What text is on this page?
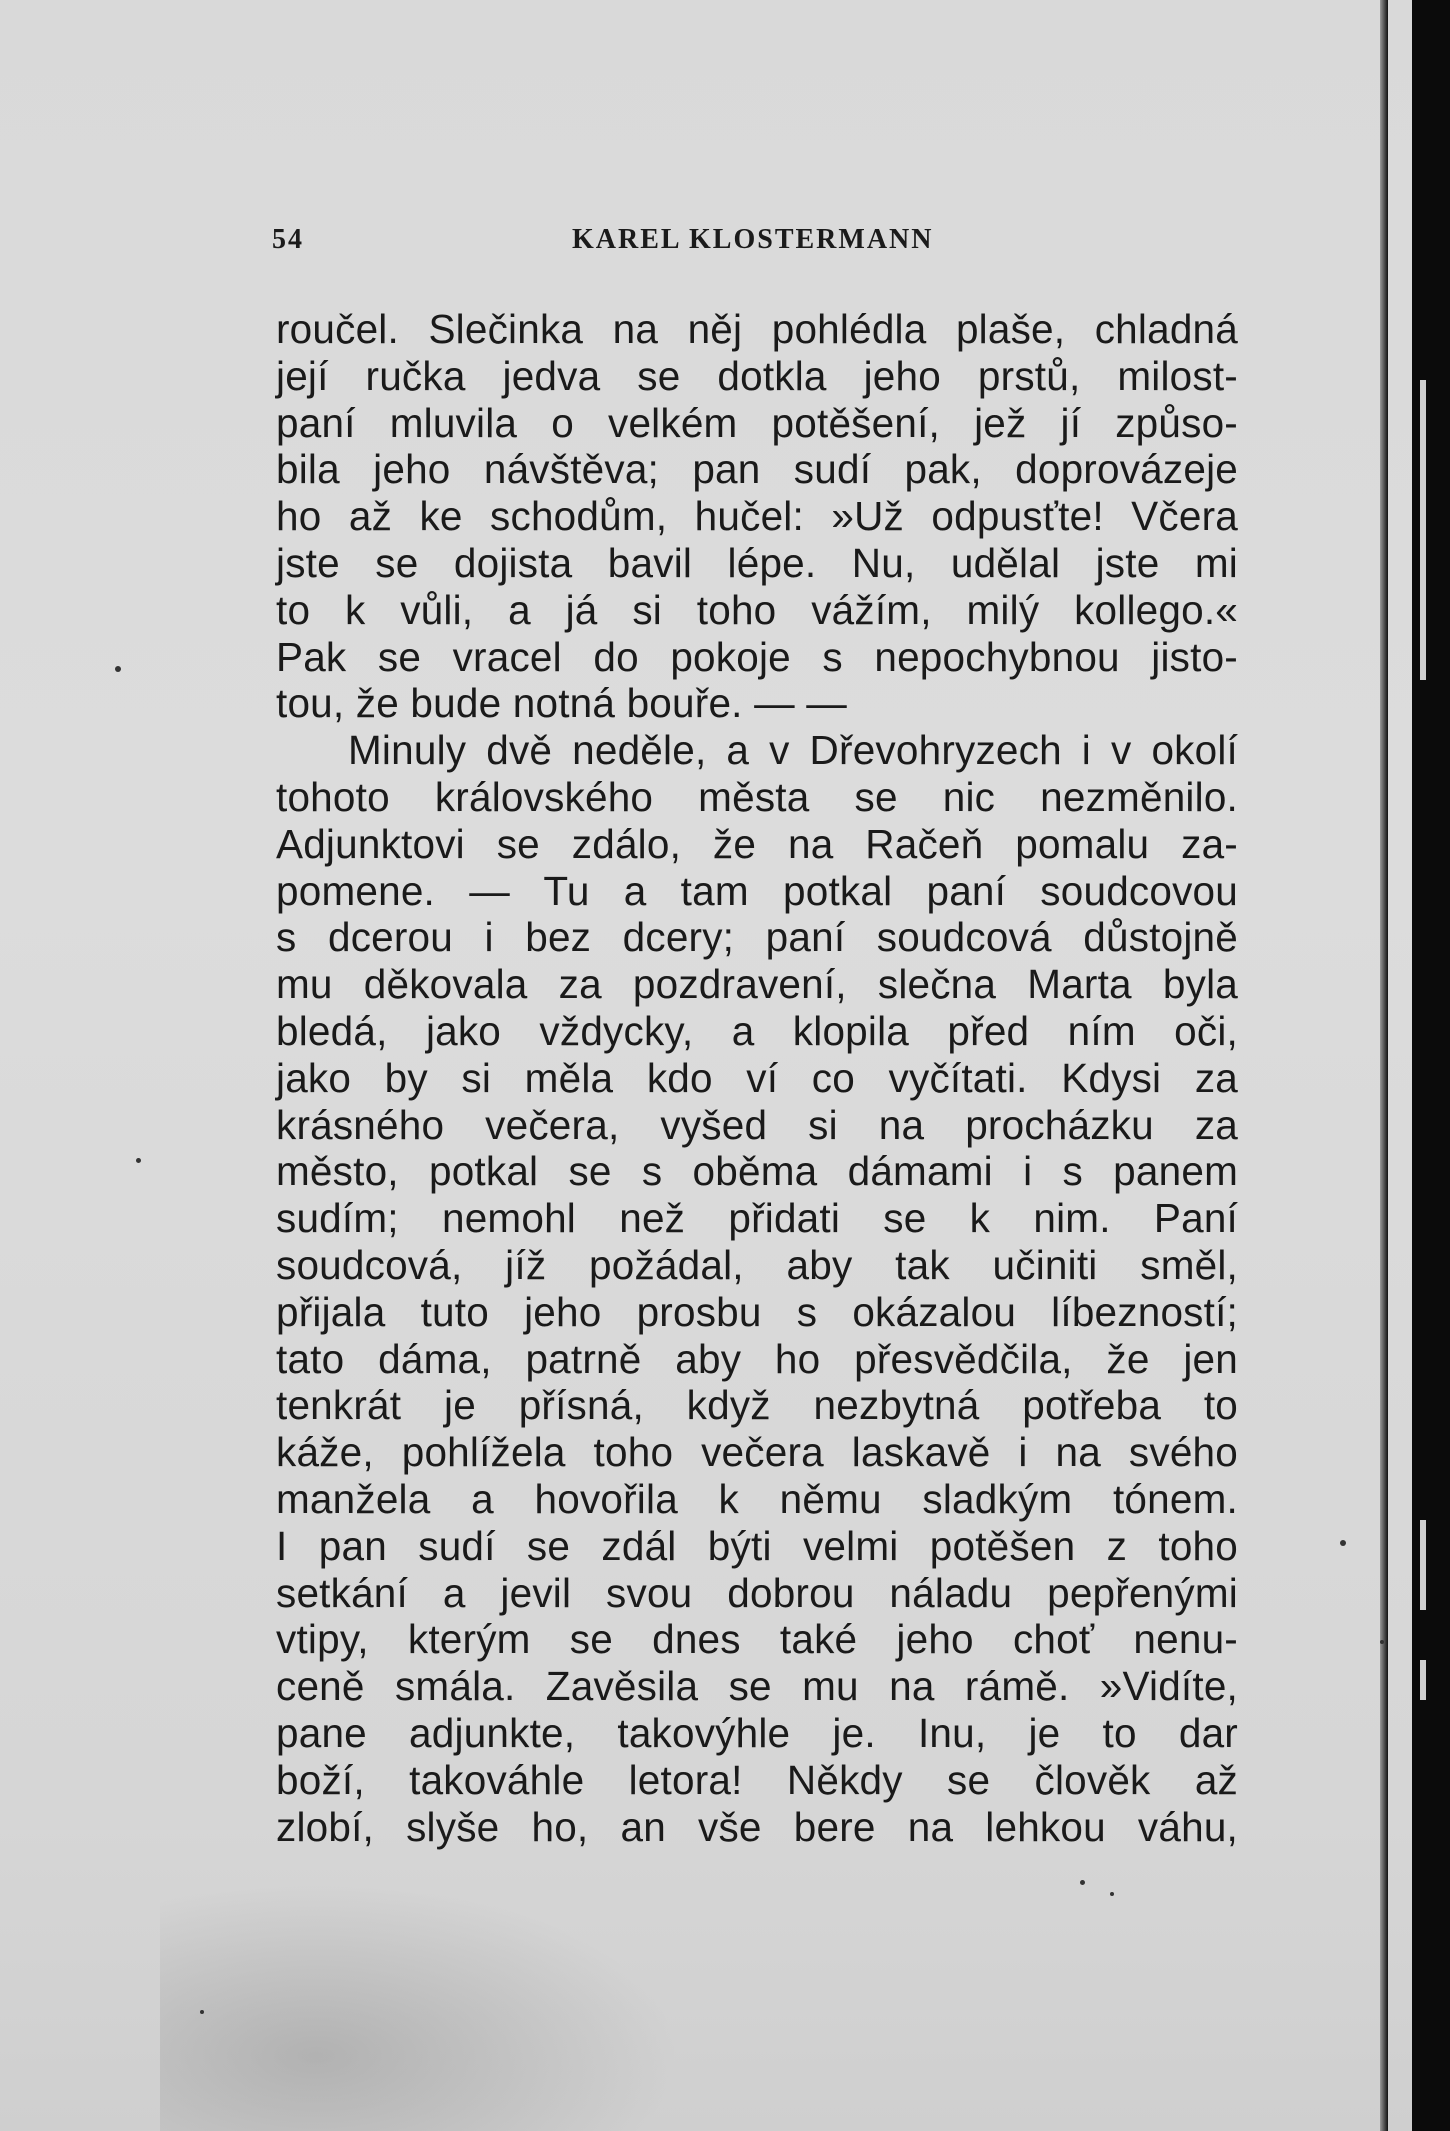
54	KAREL KLOSTERMANN
roučel. Slečinka na něj pohlédla plaše, chladná
její ručka jedva se dotkla jeho prstů, milost-
paní mluvila o velkém potěšení, jež jí způso-
bila jeho návštěva; pan sudí pak, doprovázeje
ho až ke schodům, hučel: »Už odpusťte! Včera
jste se dojista bavil lépe. Nu, udělal jste mi
to k vůli, a já si toho vážím, milý kollego.«
Pak se vracel do pokoje s nepochybnou jisto-
tou, že bude notná bouře. — —
Minuly dvě neděle, a v Dřevohryzech i v okolí
tohoto královského města se nic nezměnilo.
Adjunktovi se zdálo, že na Račeň pomalu za-
pomene. — Tu a tam potkal paní soudcovou
s dcerou i bez dcery; paní soudcová důstojně
mu děkovala za pozdravení, slečna Marta byla
bledá, jako vždycky, a klopila před ním oči,
jako by si měla kdo ví co vyčítati. Kdysi za
krásného večera, vyšed si na procházku za
město, potkal se s oběma dámami i s panem
sudím; nemohl než přidati se k nim. Paní
soudcová, jíž požádal, aby tak učiniti směl,
přijala tuto jeho prosbu s okázalou líbezností;
tato dáma, patrně aby ho přesvědčila, že jen
tenkrát je přísná, když nezbytná potřeba to
káže, pohlížela toho večera laskavě i na svého
manžela a hovořila k němu sladkým tónem.
I pan sudí se zdál býti velmi potěšen z toho
setkání a jevil svou dobrou náladu pepřenými
vtipy, kterým se dnes také jeho choť nenu-
ceně smála. Zavěsila se mu na rámě. »Vidíte,
pane adjunkte, takovýhle je. Inu, je to dar
boží, takováhle letora! Někdy se člověk až
zlobí, slyše ho, an vše bere na lehkou váhu,
